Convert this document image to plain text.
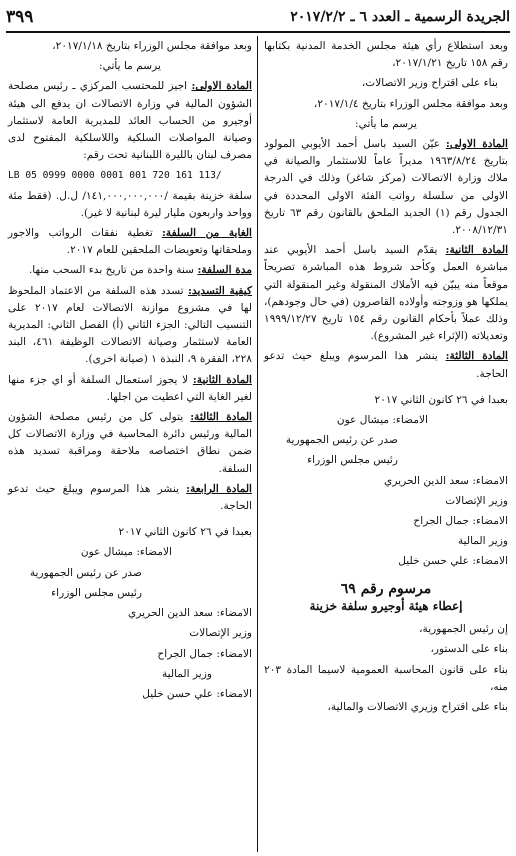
الجريدة الرسمية ـ العدد ٦ ـ ٢٠١٧/٢/٢
٣٩٩

وبعد استطلاع رأي هيئة مجلس الخدمة المدنية بكتابها رقم ١٥٨ تاريخ ٢٠١٧/١/٢١،

بناء على اقتراح وزير الاتصالات،

وبعد موافقة مجلس الوزراء بتاريخ ٢٠١٧/١/٤،

يرسم ما يأتي:

المادة الاولى: عيّن السيد باسل أحمد الأيوبي المولود بتاريخ ١٩٦٣/٨/٢٤ مديراً عاماً للاستثمار والصيانة في ملاك وزارة الاتصالات (مركز شاغر) وذلك في الدرجة الاولى من سلسلة رواتب الفئة الاولى المحددة في الجدول رقم (١) الجديد الملحق بالقانون رقم ٦٣ تاريخ ٢٠٠٨/١٢/٣١.

المادة الثانية: يقدّم السيد باسل أحمد الأيوبي عند مباشرة العمل وكأحد شروط هذه المباشرة تصريحاً موقعاً منه يبيّن فيه الأملاك المنقولة وغير المنقولة التي يملكها هو وزوجته وأولاده القاصرون (في حال وجودهم)، وذلك عملاً بأحكام القانون رقم ١٥٤ تاريخ ١٩٩٩/١٢/٢٧ وتعديلاته (الإثراء غير المشروع).

المادة الثالثة: ينشر هذا المرسوم ويبلغ حيث تدعو الحاجة.

بعبدا في ٢٦ كانون الثاني ٢٠١٧

الامضاء: ميشال عون

صدر عن رئيس الجمهورية

رئيس مجلس الوزراء

الامضاء: سعد الدين الحريري

وزير الإتصالات

الامضاء: جمال الجراح

وزير المالية

الامضاء: علي حسن خليل

مرسوم رقم ٦٩
إعطاء هيئة أوجيرو سلفة خزينة

إن رئيس الجمهورية،

بناء على الدستور،

بناء على قانون المحاسبة العمومية لاسيما المادة ٢٠٣ منه،

بناء على اقتراح وزيري الاتصالات والمالية،

وبعد موافقة مجلس الوزراء بتاريخ ٢٠١٧/١/١٨،

يرسم ما يأتي:

المادة الاولى: اجيز للمحتسب المركزي ـ رئيس مصلحة الشؤون المالية في وزارة الاتصالات ان يدفع الى هيئة أوجيرو من الحساب العائد للمديرية العامة لاستثمار وصيانة المواصلات السلكية واللاسلكية المفتوح لدى مصرف لبنان بالليرة اللبنانية تحت رقم:

LB 05 0999 0000 0001 001 720 161 113/

سلفة خزينة بقيمة /١٤١,٠٠٠,٠٠٠,٠٠٠/ ل.ل. (فقط مئة وواحد واربعون مليار ليرة لبنانية لا غير).

الغاية من السلفة: تغطية نفقات الرواتب والاجور وملحقاتها وتعويضات الملحقين للعام ٢٠١٧.

مدة السلفة: سنة واحدة من تاريخ بدء السحب منها.

كيفية التسديد: تسدد هذه السلفة من الاعتماد الملحوظ لها في مشروع موازنة الاتصالات لعام ٢٠١٧ على التنسيب التالي: الجزء الثاني (أ) الفصل الثاني: المديرية العامة لاستثمار وصيانة الاتصالات الوظيفة ٤٦١، البند ٢٢٨، الفقرة ٩، النبذة ١ (صيانة اخرى).

المادة الثانية: لا يجوز استعمال السلفة أو اي جزء منها لغير الغاية التي اعطيت من اجلها.

المادة الثالثة: يتولى كل من رئيس مصلحة الشؤون المالية ورئيس دائرة المحاسبة في وزارة الاتصالات كل ضمن نطاق اختصاصه ملاحقة ومراقبة تسديد هذه السلفة.

المادة الرابعة: ينشر هذا المرسوم ويبلغ حيث تدعو الحاجة.

بعبدا في ٢٦ كانون الثاني ٢٠١٧

الامضاء: ميشال عون

صدر عن رئيس الجمهورية

رئيس مجلس الوزراء

الامضاء: سعد الدين الحريري

وزير الإتصالات

الامضاء: جمال الجراح

وزير المالية

الامضاء: علي حسن خليل
